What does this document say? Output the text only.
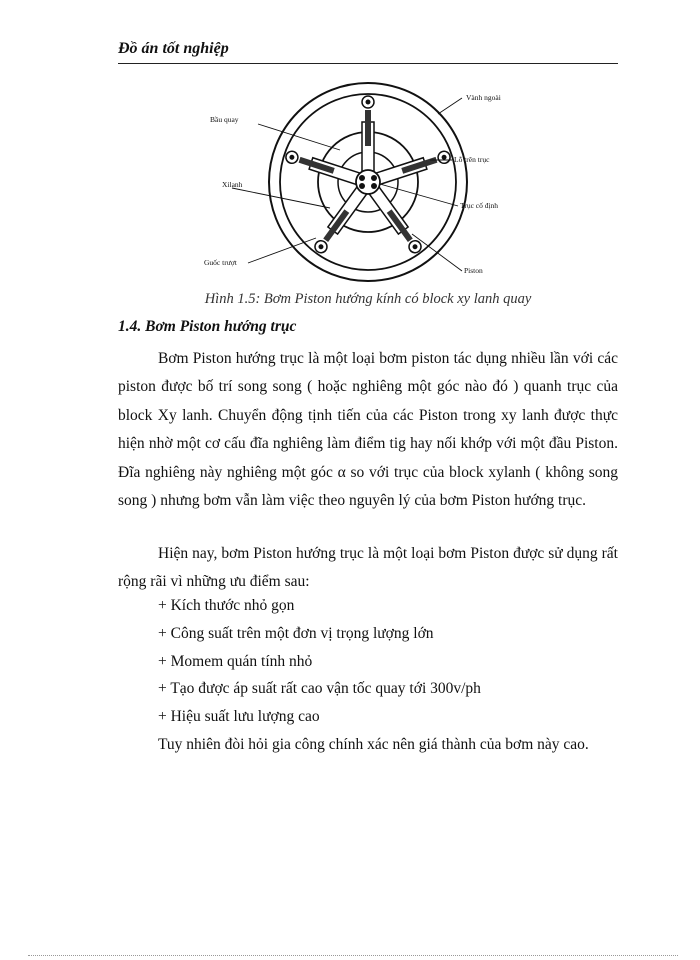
Đồ án tốt nghiệp
Vành ngoài
Bầu quay
Lỗ trên trục
Xilanh
Trục cố định
Guốc trượt
Piston
Hình 1.5: Bơm Piston hướng kính có block xy lanh quay
1.4. Bơm Piston hướng trục

Bơm Piston hướng trục là một loại bơm piston tác dụng nhiều lần với các piston được bố trí song song ( hoặc nghiêng một góc nào đó ) quanh trục của block Xy lanh. Chuyển động tịnh tiến của các Piston trong xy lanh được thực hiện nhờ một cơ cấu đĩa nghiêng làm điểm tig hay nối khớp với một đầu Piston. Đĩa nghiêng này nghiêng một góc α so với trục của block xylanh ( không song song ) nhưng bơm vẫn làm việc theo nguyên lý của bơm Piston hướng trục.

Hiện nay, bơm Piston hướng trục là một loại bơm Piston được sử dụng rất rộng rãi vì những ưu điểm sau:

+ Kích thước nhỏ gọn
+ Công suất trên một đơn vị trọng lượng lớn
+ Momem quán tính nhỏ
+ Tạo được áp suất rất cao vận tốc quay tới 300v/ph
+ Hiệu suất lưu lượng cao

Tuy nhiên đòi hỏi gia công chính xác nên giá thành của bơm này cao.
